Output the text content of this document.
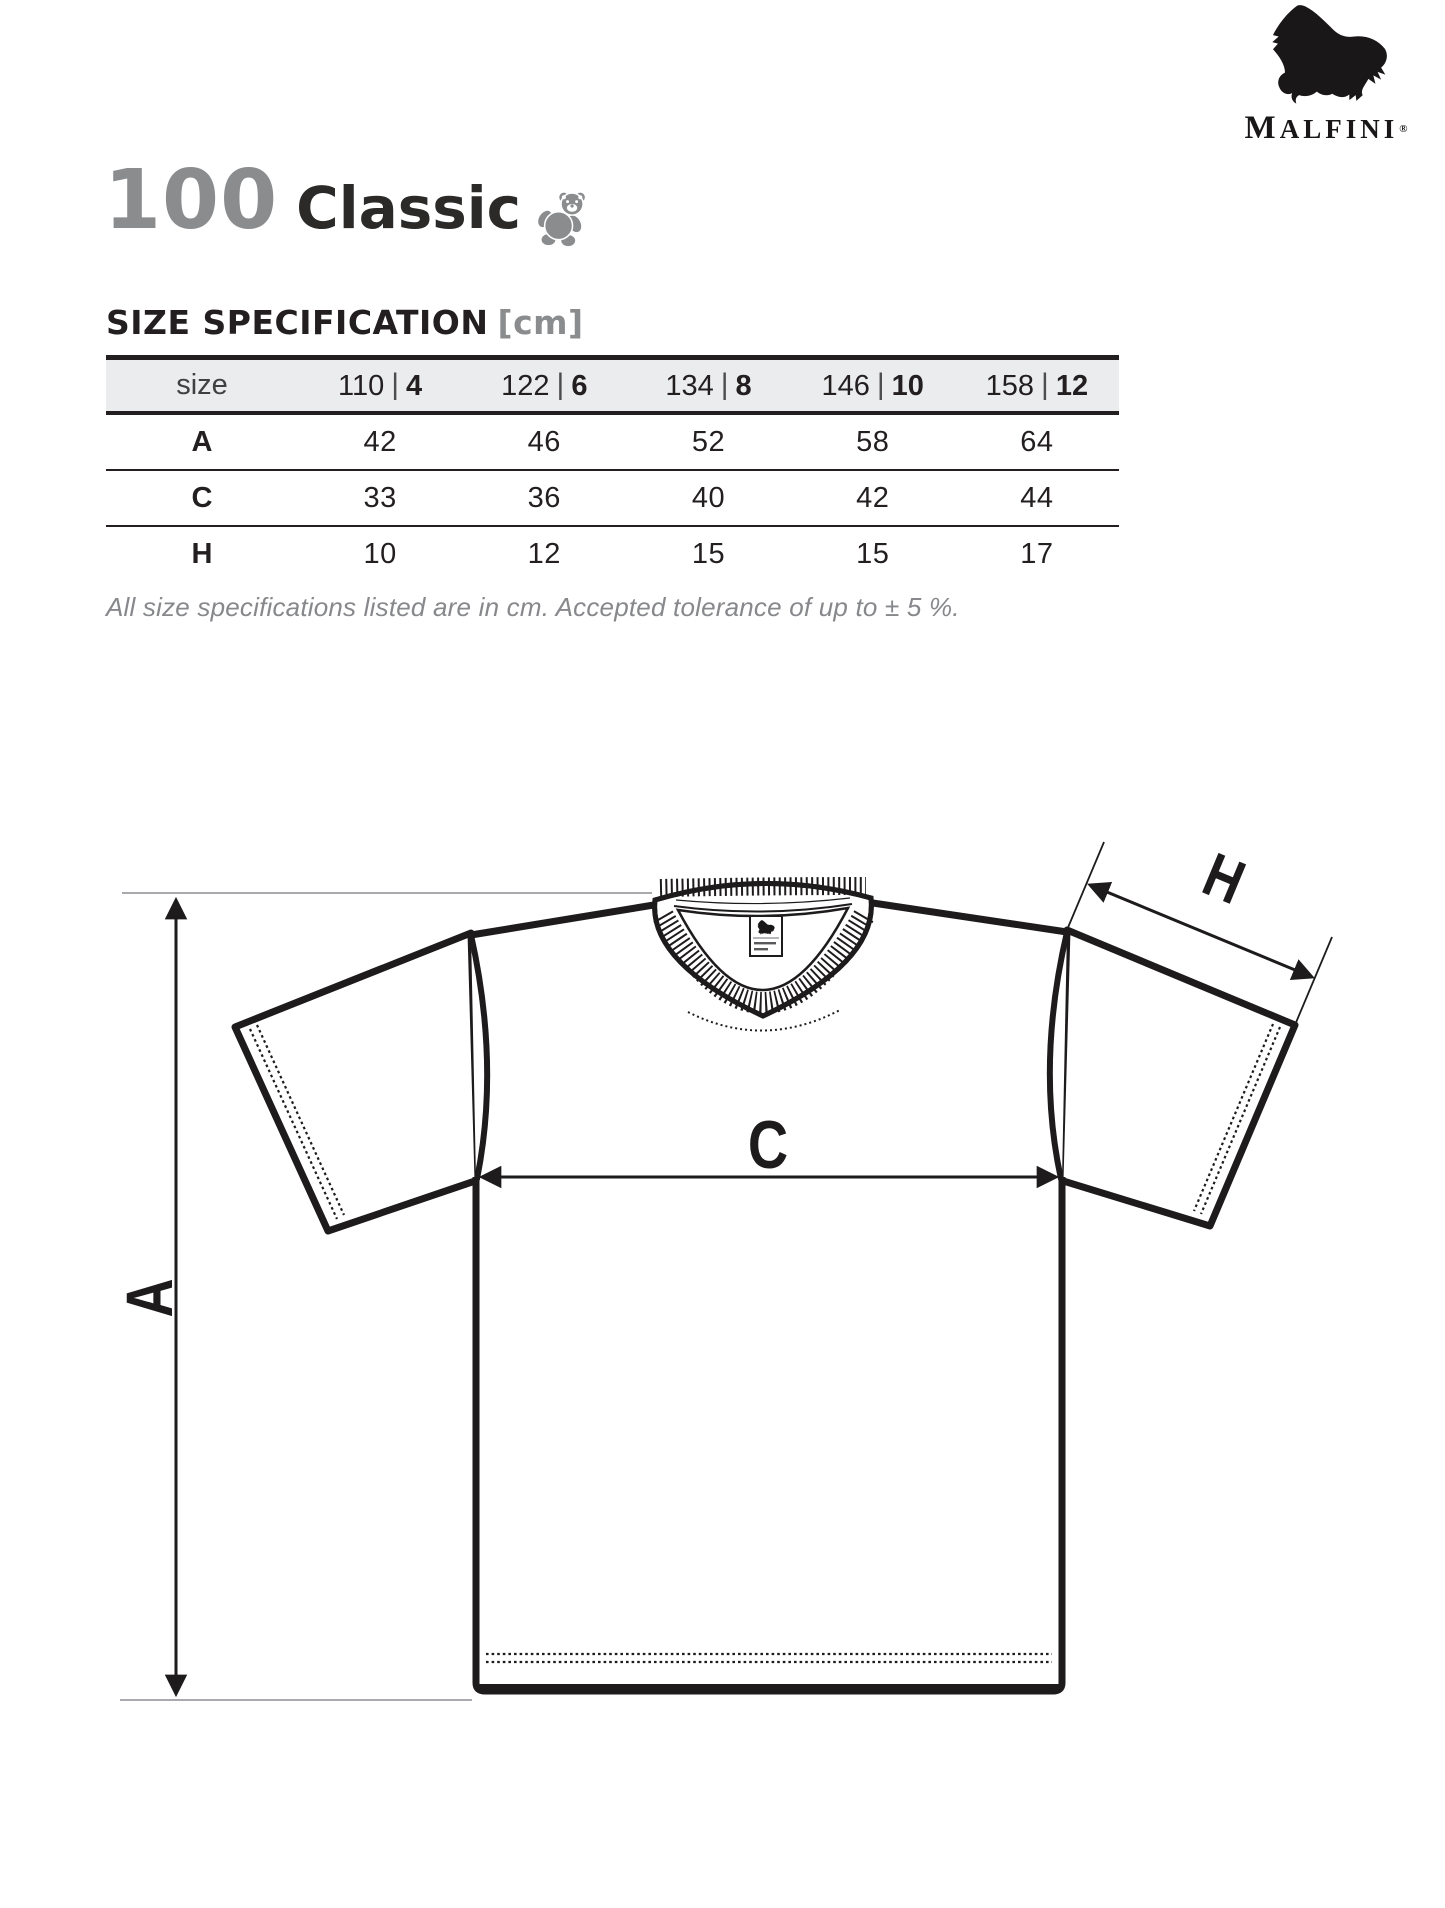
MALFINI®
100 Classic
SIZE SPECIFICATION [cm]
size	110 | 4	122 | 6	134 | 8	146 | 10	158 | 12
A	42	46	52	58	64
C	33	36	40	42	44
H	10	12	15	15	17
All size specifications listed are in cm. Accepted tolerance of up to ± 5 %.
A
C
H
